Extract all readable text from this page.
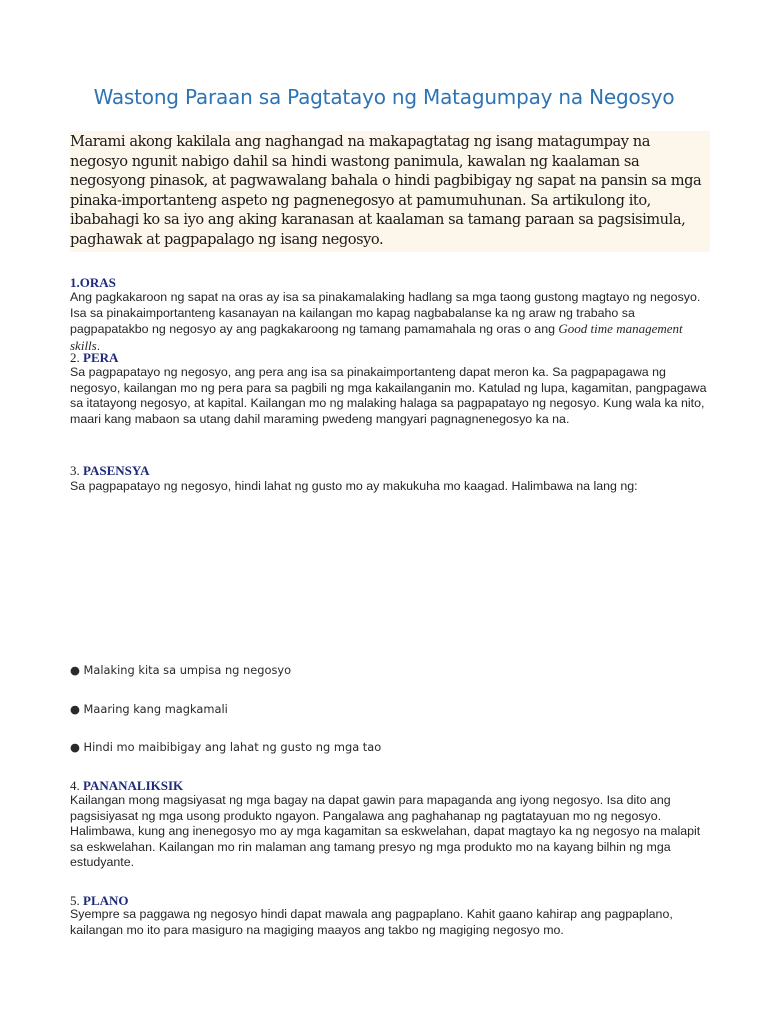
Wastong Paraan sa Pagtatayo ng Matagumpay na Negosyo
Marami akong kakilala ang naghangad na makapagtatag ng isang matagumpay na negosyo ngunit nabigo dahil sa hindi wastong panimula, kawalan ng kaalaman sa negosyong pinasok, at pagwawalang bahala o hindi pagbibigay ng sapat na pansin sa mga pinaka-importanteng aspeto ng pagnenegosyo at pamumuhunan. Sa artikulong ito, ibabahagi ko sa iyo ang aking karanasan at kaalaman sa tamang paraan sa pagsisimula, paghawak at pagpapalago ng isang negosyo.
1.ORAS
Ang pagkakaroon ng sapat na oras ay isa sa pinakamalaking hadlang sa mga taong gustong magtayo ng negosyo. Isa sa pinakaimportanteng kasanayan na kailangan mo kapag nagbabalanse ka ng araw ng trabaho sa pagpapatakbo ng negosyo ay ang pagkakaroong ng tamang pamamahala ng oras o ang Good time management skills.
2. PERA
Sa pagpapatayo ng negosyo, ang pera ang isa sa pinakaimportanteng dapat meron ka. Sa pagpapagawa ng negosyo, kailangan mo ng pera para sa pagbili ng mga kakailanganin mo. Katulad ng lupa, kagamitan, pangpagawa sa itatayong negosyo, at kapital. Kailangan mo ng malaking halaga sa pagpapatayo ng negosyo. Kung wala ka nito, maari kang mabaon sa utang dahil maraming pwedeng mangyari pagnagnenegosyo ka na.
3. PASENSYA
Sa pagpapatayo ng negosyo, hindi lahat ng gusto mo ay makukuha mo kaagad. Halimbawa na lang ng:
● Malaking kita sa umpisa ng negosyo
● Maaring kang magkamali
● Hindi mo maibibigay ang lahat ng gusto ng mga tao
4. PANANALIKSIK
Kailangan mong magsiyasat ng mga bagay na dapat gawin para mapaganda ang iyong negosyo. Isa dito ang pagsisiyasat ng mga usong produkto ngayon. Pangalawa ang paghahanap ng pagtatayuan mo ng negosyo. Halimbawa, kung ang inenegosyo mo ay mga kagamitan sa eskwelahan, dapat magtayo ka ng negosyo na malapit sa eskwelahan. Kailangan mo rin malaman ang tamang presyo ng mga produkto mo na kayang bilhin ng mga estudyante.
5. PLANO
Syempre sa paggawa ng negosyo hindi dapat mawala ang pagpaplano. Kahit gaano kahirap ang pagpaplano, kailangan mo ito para masiguro na magiging maayos ang takbo ng magiging negosyo mo.
